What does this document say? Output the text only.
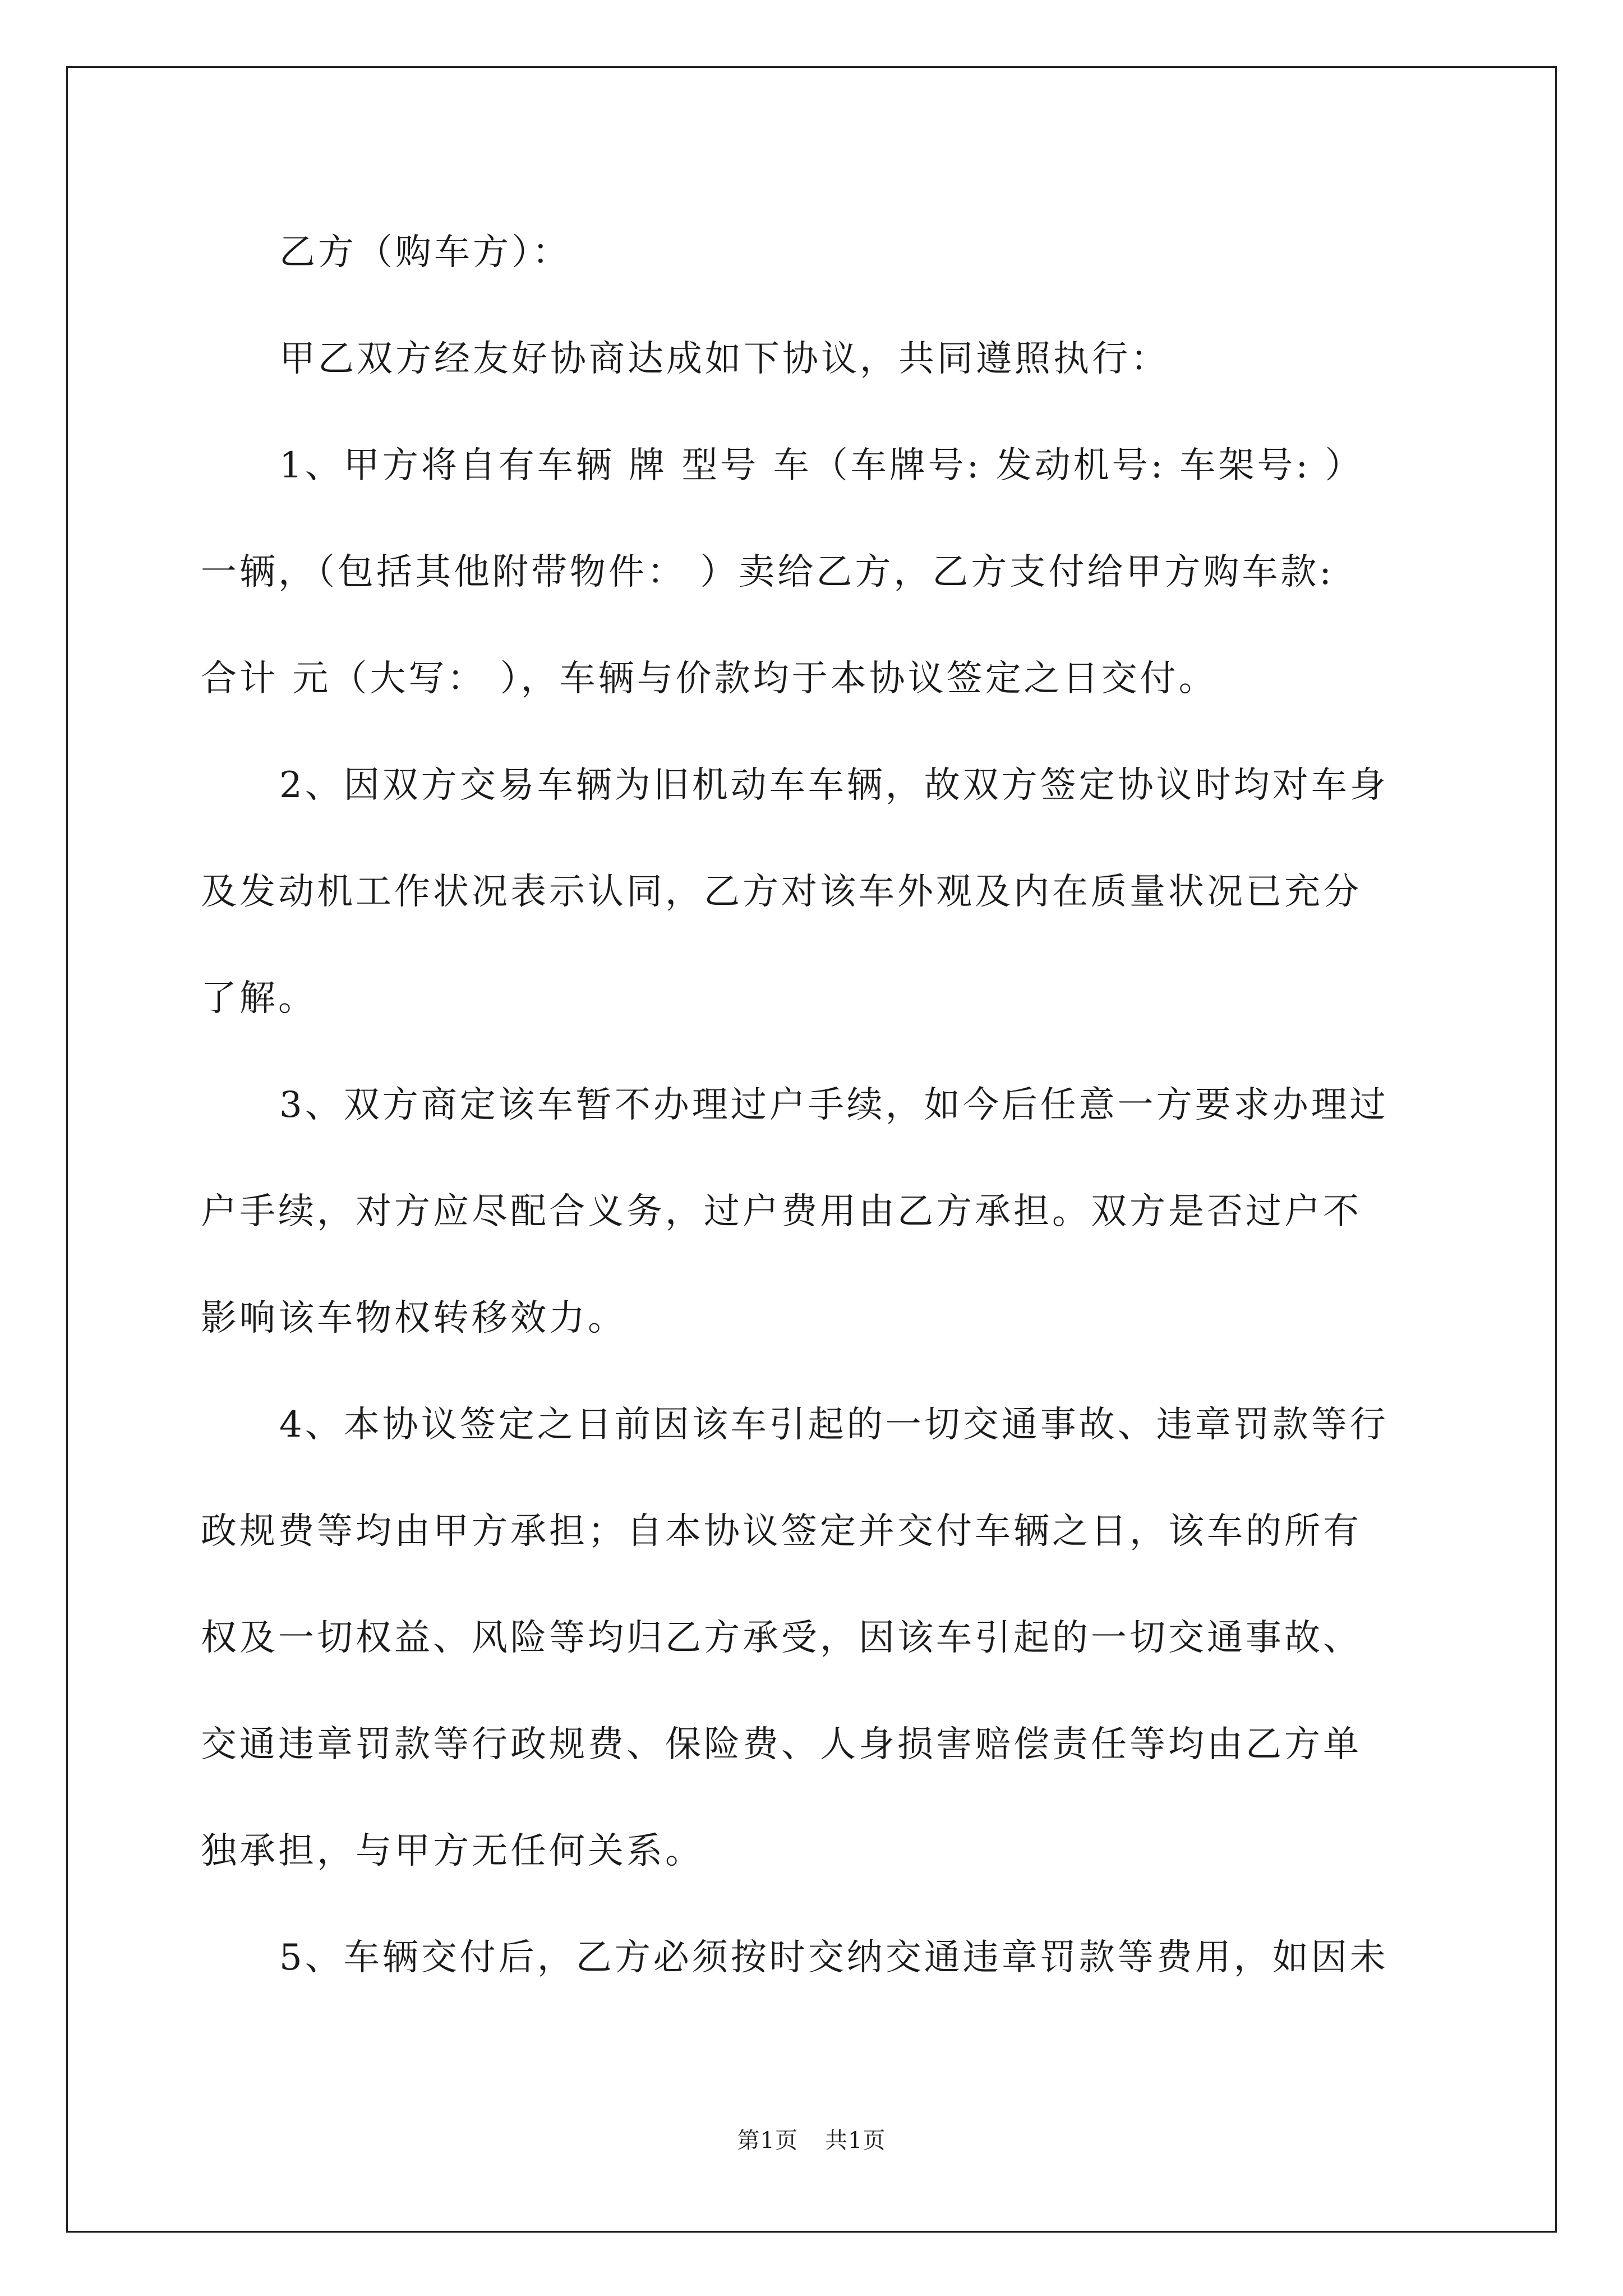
乙方（购车方）：
甲乙双方经友好协商达成如下协议，共同遵照执行：
1、甲方将自有车辆 牌 型号 车（车牌号: 发动机号: 车架号: ）
一辆，（包括其他附带物件： ）卖给乙方，乙方支付给甲方购车款:
合计 元（大写： ），车辆与价款均于本协议签定之日交付。
2、因双方交易车辆为旧机动车车辆，故双方签定协议时均对车身
及发动机工作状况表示认同，乙方对该车外观及内在质量状况已充分
了解。
3、双方商定该车暂不办理过户手续，如今后任意一方要求办理过
户手续，对方应尽配合义务，过户费用由乙方承担。双方是否过户不
影响该车物权转移效力。
4、本协议签定之日前因该车引起的一切交通事故、违章罚款等行
政规费等均由甲方承担；自本协议签定并交付车辆之日，该车的所有
权及一切权益、风险等均归乙方承受，因该车引起的一切交通事故、
交通违章罚款等行政规费、保险费、人身损害赔偿责任等均由乙方单
独承担，与甲方无任何关系。
5、车辆交付后，乙方必须按时交纳交通违章罚款等费用，如因未
第1页 共1页
